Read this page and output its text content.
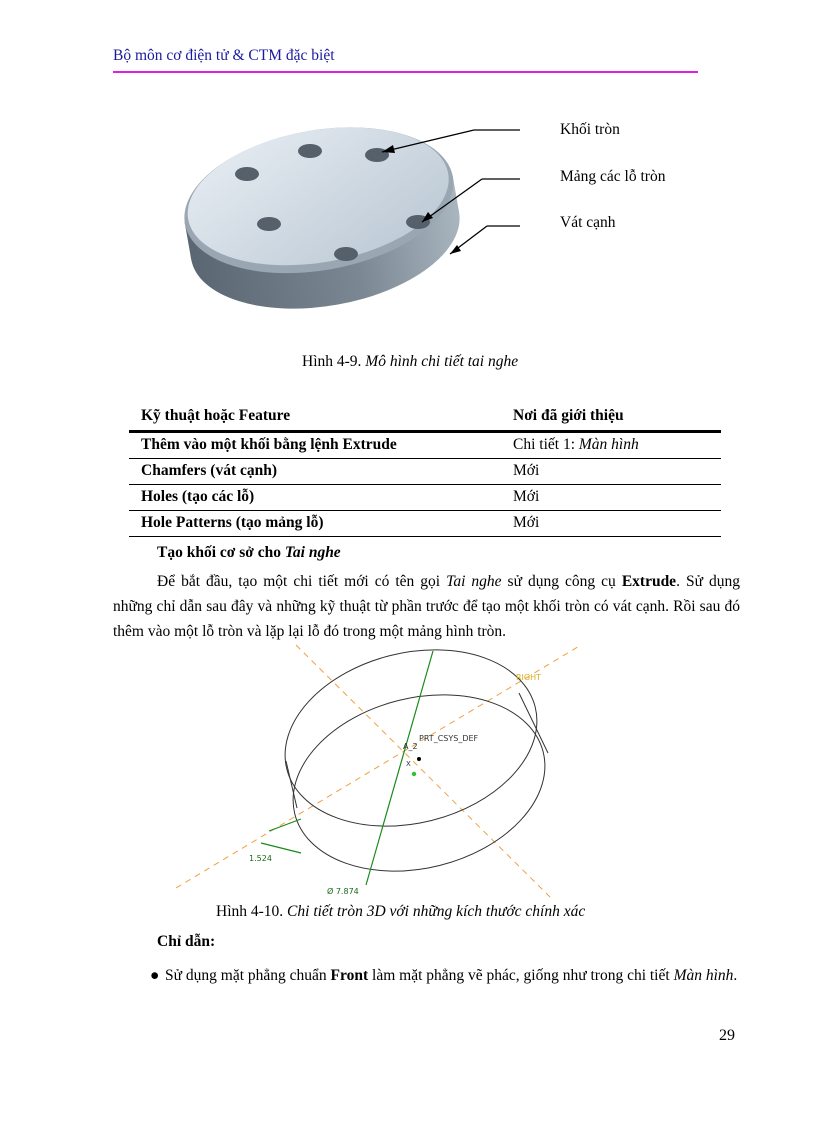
Bộ môn cơ điện tử & CTM đặc biệt
Khối tròn
Mảng các lỗ tròn
Vát cạnh
Hình 4-9. Mô hình chi tiết tai nghe
Kỹ thuật hoặc Feature	Nơi đã giới thiệu
Thêm vào một khối bằng lệnh Extrude	Chi tiết 1: Màn hình
Chamfers (vát cạnh)	Mới
Holes (tạo các lỗ)	Mới
Hole Patterns (tạo mảng lỗ)	Mới
Tạo khối cơ sở cho Tai nghe

Để bắt đầu, tạo một chi tiết mới có tên gọi Tai nghe sử dụng công cụ Extrude. Sử dụng những chỉ dẫn sau đây và những kỹ thuật từ phần trước để tạo một khối tròn có vát cạnh. Rồi sau đó thêm vào một lỗ tròn và lặp lại lỗ đó trong một mảng hình tròn.

PRT_CSYS_DEF
A_2
X
RIGHT
1.524
Ø 7.874
Hình 4-10. Chi tiết tròn 3D với những kích thước chính xác
Chỉ dẫn:
● Sử dụng mặt phẳng chuẩn Front làm mặt phẳng vẽ phác, giống như trong chi tiết Màn hình.
29
